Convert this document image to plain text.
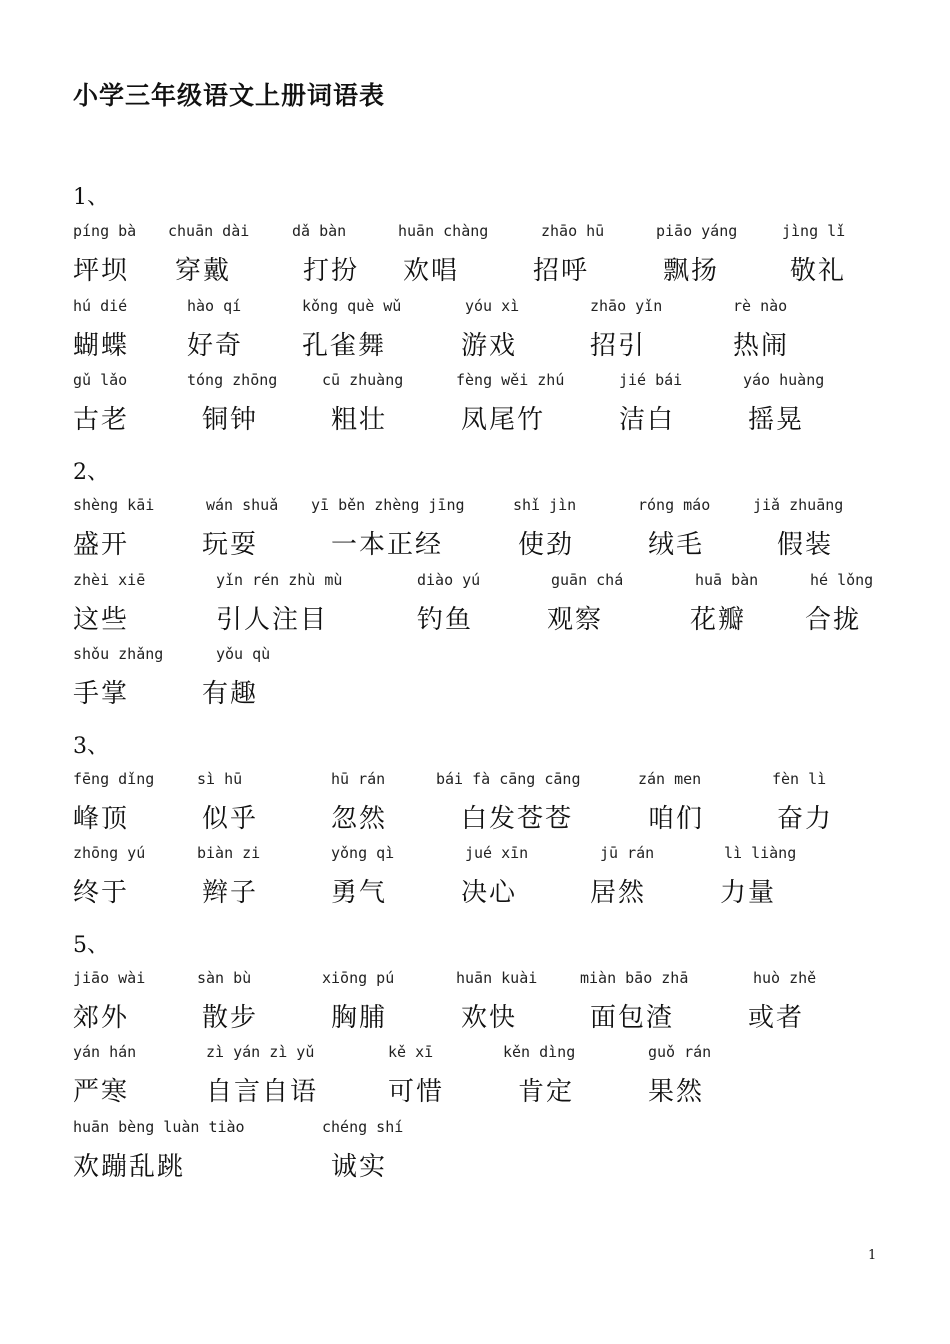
小学三年级语文上册词语表
1、
píng bà
坪坝
chuān dài
穿戴
dǎ bàn
打扮
huān chàng
欢唱
zhāo hū
招呼
piāo yáng
飘扬
jìng lǐ
敬礼
hú dié
蝴蝶
hào qí
好奇
kǒng què wǔ
孔雀舞
yóu xì
游戏
zhāo yǐn
招引
rè nào
热闹
gǔ lǎo
古老
tóng zhōng
铜钟
cū zhuàng
粗壮
fèng wěi zhú
凤尾竹
jié bái
洁白
yáo huàng
摇晃
2、
shèng kāi
盛开
wán shuǎ
玩耍
yī běn zhèng jīng
一本正经
shǐ jìn
使劲
róng máo
绒毛
jiǎ zhuāng
假装
zhèi xiē
这些
yǐn rén zhù mù
引人注目
diào yú
钓鱼
guān chá
观察
huā bàn
花瓣
hé lǒng
合拢
shǒu zhǎng
手掌
yǒu qù
有趣
3、
fēng dǐng
峰顶
sì hū
似乎
hū rán
忽然
bái fà cāng cāng
白发苍苍
zán men
咱们
fèn lì
奋力
zhōng yú
终于
biàn zi
辫子
yǒng qì
勇气
jué xīn
决心
jū rán
居然
lì liàng
力量
5、
jiāo wài
郊外
sàn bù
散步
xiōng pú
胸脯
huān kuài
欢快
miàn bāo zhā
面包渣
huò zhě
或者
yán hán
严寒
zì yán zì yǔ
自言自语
kě xī
可惜
kěn dìng
肯定
guǒ rán
果然
huān bèng luàn tiào
欢蹦乱跳
chéng shí
诚实
1
